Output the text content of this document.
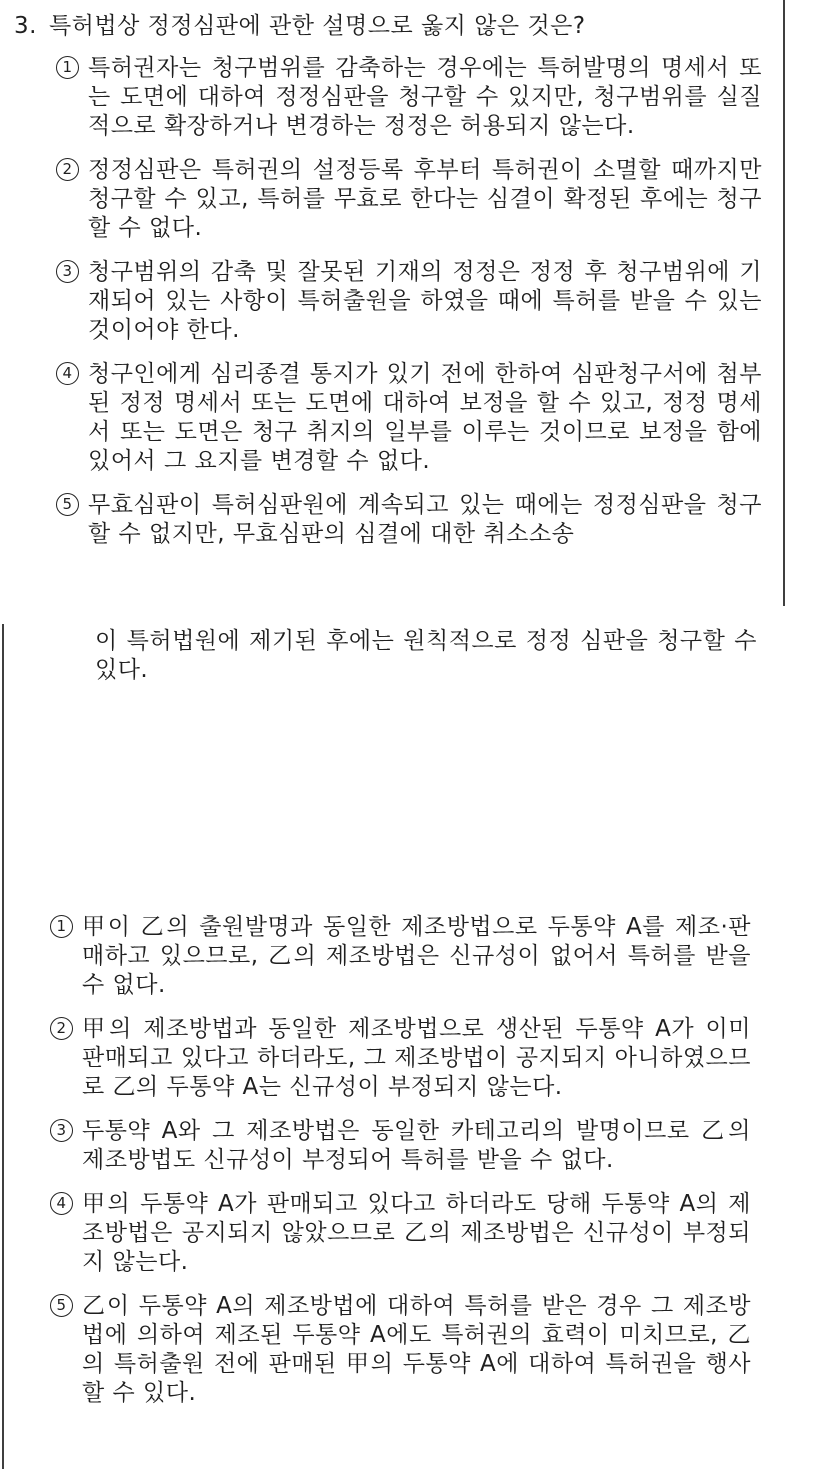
3. 특허법상 정정심판에 관한 설명으로 옳지 않은 것은?
1 특허권자는 청구범위를 감축하는 경우에는 특허발명의 명세서 또는 도면에 대하여 정정심판을 청구할 수 있지만, 청구범위를 실질적으로 확장하거나 변경하는 정정은 허용되지 않는다.
2 정정심판은 특허권의 설정등록 후부터 특허권이 소멸할 때까지만 청구할 수 있고, 특허를 무효로 한다는 심결이 확정된 후에는 청구할 수 없다.
3 청구범위의 감축 및 잘못된 기재의 정정은 정정 후 청구범위에 기재되어 있는 사항이 특허출원을 하였을 때에 특허를 받을 수 있는 것이어야 한다.
4 청구인에게 심리종결 통지가 있기 전에 한하여 심판청구서에 첨부된 정정 명세서 또는 도면에 대하여 보정을 할 수 있고, 정정 명세서 또는 도면은 청구 취지의 일부를 이루는 것이므로 보정을 함에 있어서 그 요지를 변경할 수 없다.
5 무효심판이 특허심판원에 계속되고 있는 때에는 정정심판을 청구할 수 없지만, 무효심판의 심결에 대한 취소소송
이 특허법원에 제기된 후에는 원칙적으로 정정 심판을 청구할 수 있다.
1 甲이 乙의 출원발명과 동일한 제조방법으로 두통약 A를 제조·판매하고 있으므로, 乙의 제조방법은 신규성이 없어서 특허를 받을 수 없다.
2 甲의 제조방법과 동일한 제조방법으로 생산된 두통약 A가 이미 판매되고 있다고 하더라도, 그 제조방법이 공지되지 아니하였으므로 乙의 두통약 A는 신규성이 부정되지 않는다.
3 두통약 A와 그 제조방법은 동일한 카테고리의 발명이므로 乙의 제조방법도 신규성이 부정되어 특허를 받을 수 없다.
4 甲의 두통약 A가 판매되고 있다고 하더라도 당해 두통약 A의 제조방법은 공지되지 않았으므로 乙의 제조방법은 신규성이 부정되지 않는다.
5 乙이 두통약 A의 제조방법에 대하여 특허를 받은 경우 그 제조방법에 의하여 제조된 두통약 A에도 특허권의 효력이 미치므로, 乙의 특허출원 전에 판매된 甲의 두통약 A에 대하여 특허권을 행사할 수 있다.
